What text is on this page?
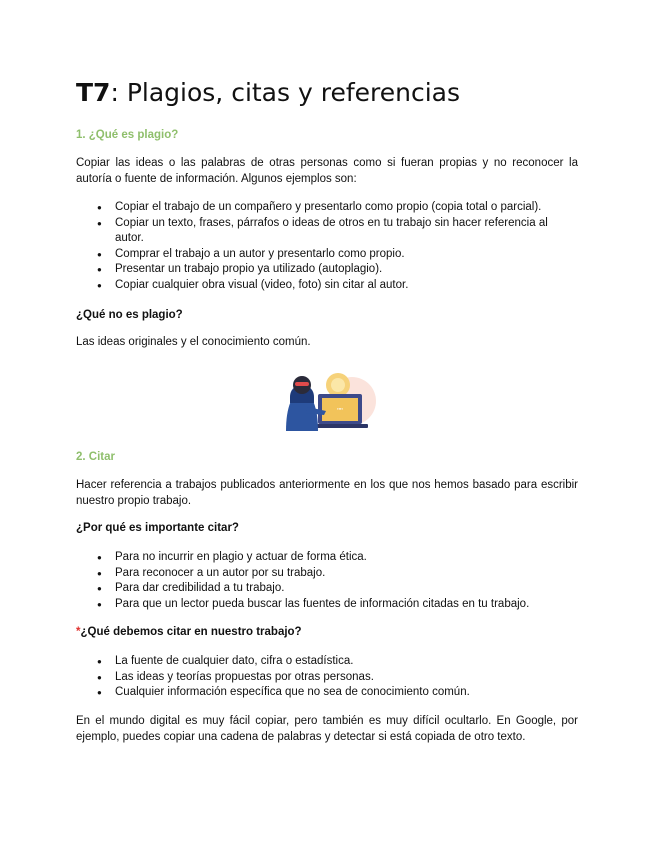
T7: Plagios, citas y referencias

1. ¿Qué es plagio?

Copiar las ideas o las palabras de otras personas como si fueran propias y no reconocer la autoría o fuente de información. Algunos ejemplos son:

● Copiar el trabajo de un compañero y presentarlo como propio (copia total o parcial).
● Copiar un texto, frases, párrafos o ideas de otros en tu trabajo sin hacer referencia al autor.
● Comprar el trabajo a un autor y presentarlo como propio.
● Presentar un trabajo propio ya utilizado (autoplagio).
● Copiar cualquier obra visual (video, foto) sin citar al autor.

¿Qué no es plagio?

Las ideas originales y el conocimiento común.

""

2. Citar

Hacer referencia a trabajos publicados anteriormente en los que nos hemos basado para escribir nuestro propio trabajo.

¿Por qué es importante citar?

● Para no incurrir en plagio y actuar de forma ética.
● Para reconocer a un autor por su trabajo.
● Para dar credibilidad a tu trabajo.
● Para que un lector pueda buscar las fuentes de información citadas en tu trabajo.

*¿Qué debemos citar en nuestro trabajo?

● La fuente de cualquier dato, cifra o estadística.
● Las ideas y teorías propuestas por otras personas.
● Cualquier información específica que no sea de conocimiento común.

En el mundo digital es muy fácil copiar, pero también es muy difícil ocultarlo. En Google, por ejemplo, puedes copiar una cadena de palabras y detectar si está copiada de otro texto.
